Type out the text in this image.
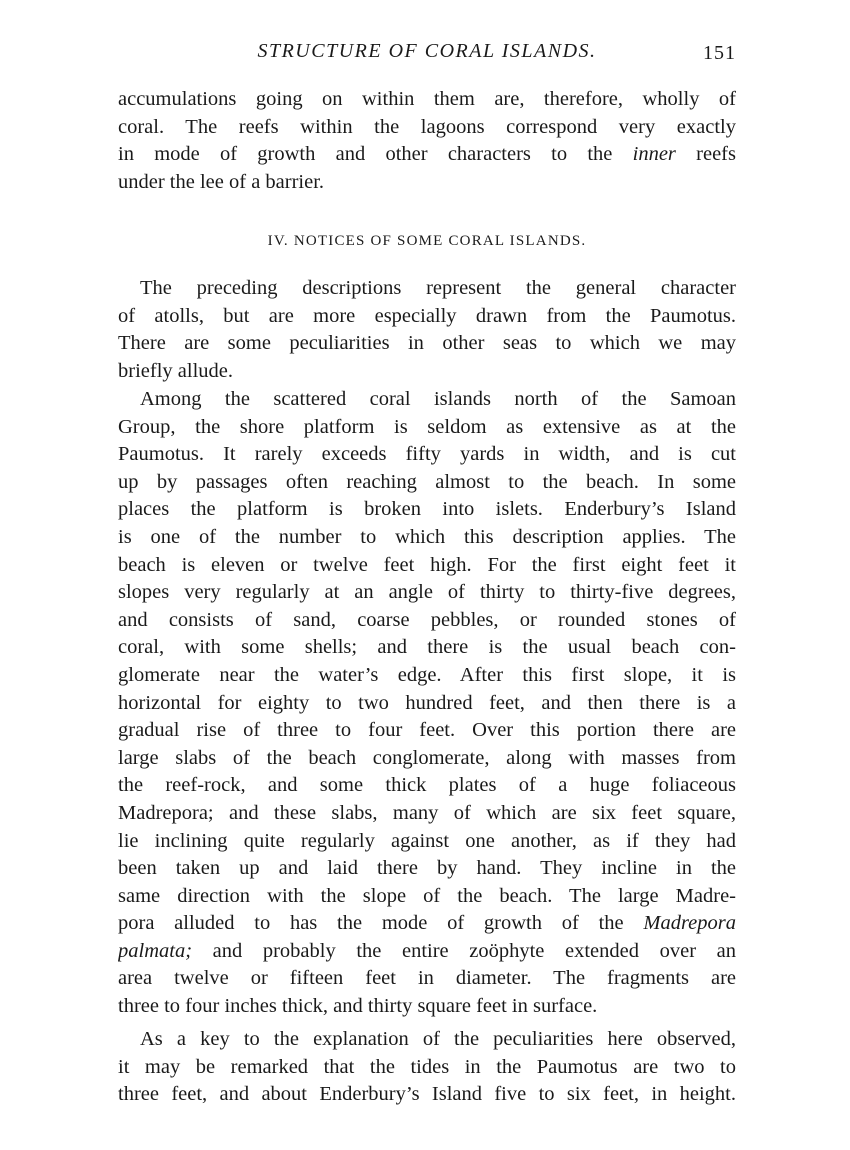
STRUCTURE OF CORAL ISLANDS.	151
accumulations going on within them are, therefore, wholly of
coral. The reefs within the lagoons correspond very exactly
in mode of growth and other characters to the inner reefs
under the lee of a barrier.
IV. NOTICES OF SOME CORAL ISLANDS.
The preceding descriptions represent the general character
of atolls, but are more especially drawn from the Paumotus.
There are some peculiarities in other seas to which we may
briefly allude.
Among the scattered coral islands north of the Samoan
Group, the shore platform is seldom as extensive as at the
Paumotus. It rarely exceeds fifty yards in width, and is cut
up by passages often reaching almost to the beach. In some
places the platform is broken into islets. Enderbury’s Island
is one of the number to which this description applies. The
beach is eleven or twelve feet high. For the first eight feet it
slopes very regularly at an angle of thirty to thirty-five degrees,
and consists of sand, coarse pebbles, or rounded stones of
coral, with some shells; and there is the usual beach con-
glomerate near the water’s edge. After this first slope, it is
horizontal for eighty to two hundred feet, and then there is a
gradual rise of three to four feet. Over this portion there are
large slabs of the beach conglomerate, along with masses from
the reef-rock, and some thick plates of a huge foliaceous
Madrepora; and these slabs, many of which are six feet square,
lie inclining quite regularly against one another, as if they had
been taken up and laid there by hand. They incline in the
same direction with the slope of the beach. The large Madre-
pora alluded to has the mode of growth of the Madrepora
palmata; and probably the entire zoöphyte extended over an
area twelve or fifteen feet in diameter. The fragments are
three to four inches thick, and thirty square feet in surface.
As a key to the explanation of the peculiarities here observed,
it may be remarked that the tides in the Paumotus are two to
three feet, and about Enderbury’s Island five to six feet, in height.
